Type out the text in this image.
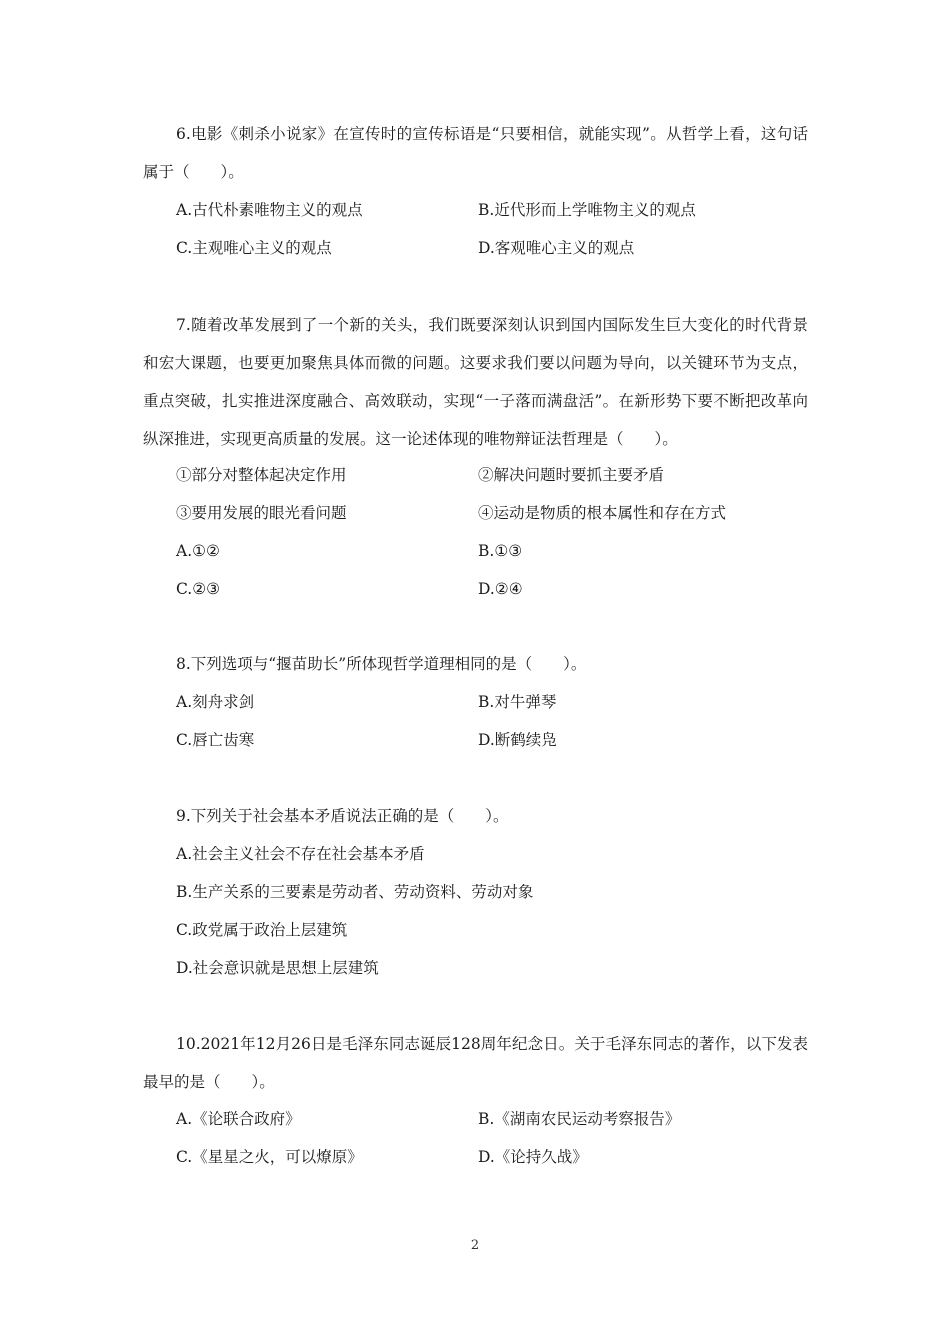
6.电影《刺杀小说家》在宣传时的宣传标语是“只要相信，就能实现”。从哲学上看，这句话属于（　　）。
A.古代朴素唯物主义的观点	B.近代形而上学唯物主义的观点
C.主观唯心主义的观点	D.客观唯心主义的观点
7.随着改革发展到了一个新的关头，我们既要深刻认识到国内国际发生巨大变化的时代背景和宏大课题，也要更加聚焦具体而微的问题。这要求我们要以问题为导向，以关键环节为支点，重点突破，扎实推进深度融合、高效联动，实现“一子落而满盘活”。在新形势下要不断把改革向纵深推进，实现更高质量的发展。这一论述体现的唯物辩证法哲理是（　　）。
①部分对整体起决定作用	②解决问题时要抓主要矛盾
③要用发展的眼光看问题	④运动是物质的根本属性和存在方式
A.①②	B.①③
C.②③	D.②④
8.下列选项与“揠苗助长”所体现哲学道理相同的是（　　）。
A.刻舟求剑	B.对牛弹琴
C.唇亡齿寒	D.断鹤续凫
9.下列关于社会基本矛盾说法正确的是（　　）。
A.社会主义社会不存在社会基本矛盾
B.生产关系的三要素是劳动者、劳动资料、劳动对象
C.政党属于政治上层建筑
D.社会意识就是思想上层建筑
10.2021年12月26日是毛泽东同志诞辰128周年纪念日。关于毛泽东同志的著作，以下发表最早的是（　　）。
A.《论联合政府》	B.《湖南农民运动考察报告》
C.《星星之火，可以燎原》	D.《论持久战》
2
